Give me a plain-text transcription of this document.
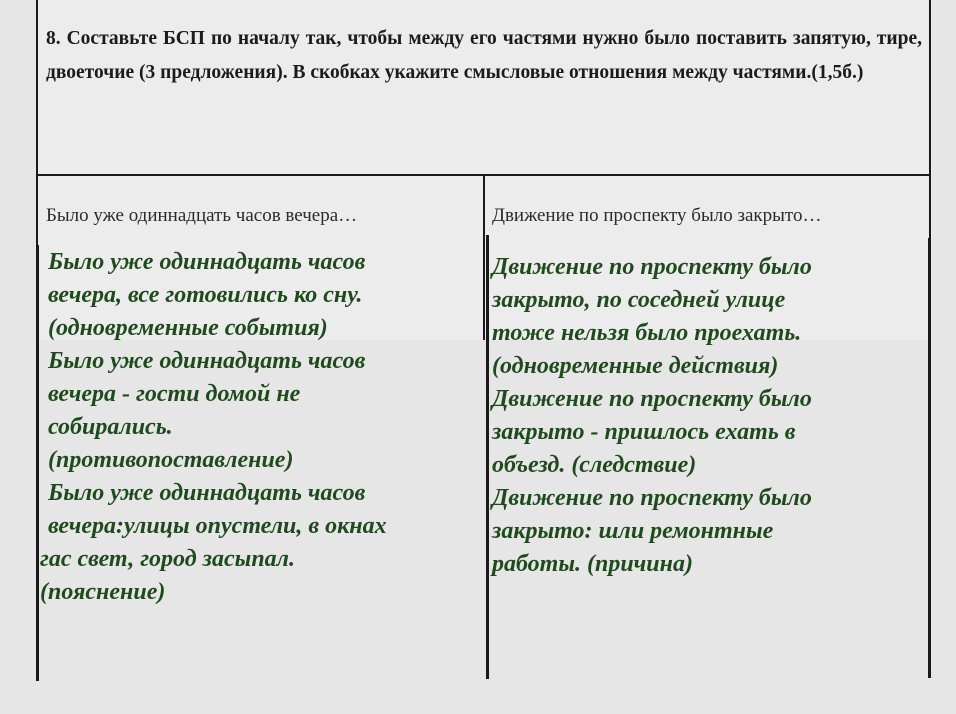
8. Составьте БСП по началу так, чтобы между его частями нужно было поставить запятую, тире, двоеточие (3 предложения). В скобках укажите смысловые отношения между частями.(1,5б.)

Было уже одиннадцать часов вечера…	Движение по проспекту было закрыто…

Было уже одиннадцать часов
вечера, все готовились ко сну.
(одновременные события)
Было уже одиннадцать часов
вечера - гости домой не
собирались.
(противопоставление)
Было уже одиннадцать часов
вечера:улицы опустели, в окнах
гас свет, город засыпал.
(пояснение)
Движение по проспекту было
закрыто, по соседней улице
тоже нельзя было проехать.
(одновременные действия)
Движение по проспекту было
закрыто - пришлось ехать в
объезд. (следствие)
Движение по проспекту было
закрыто: шли ремонтные
работы. (причина)
